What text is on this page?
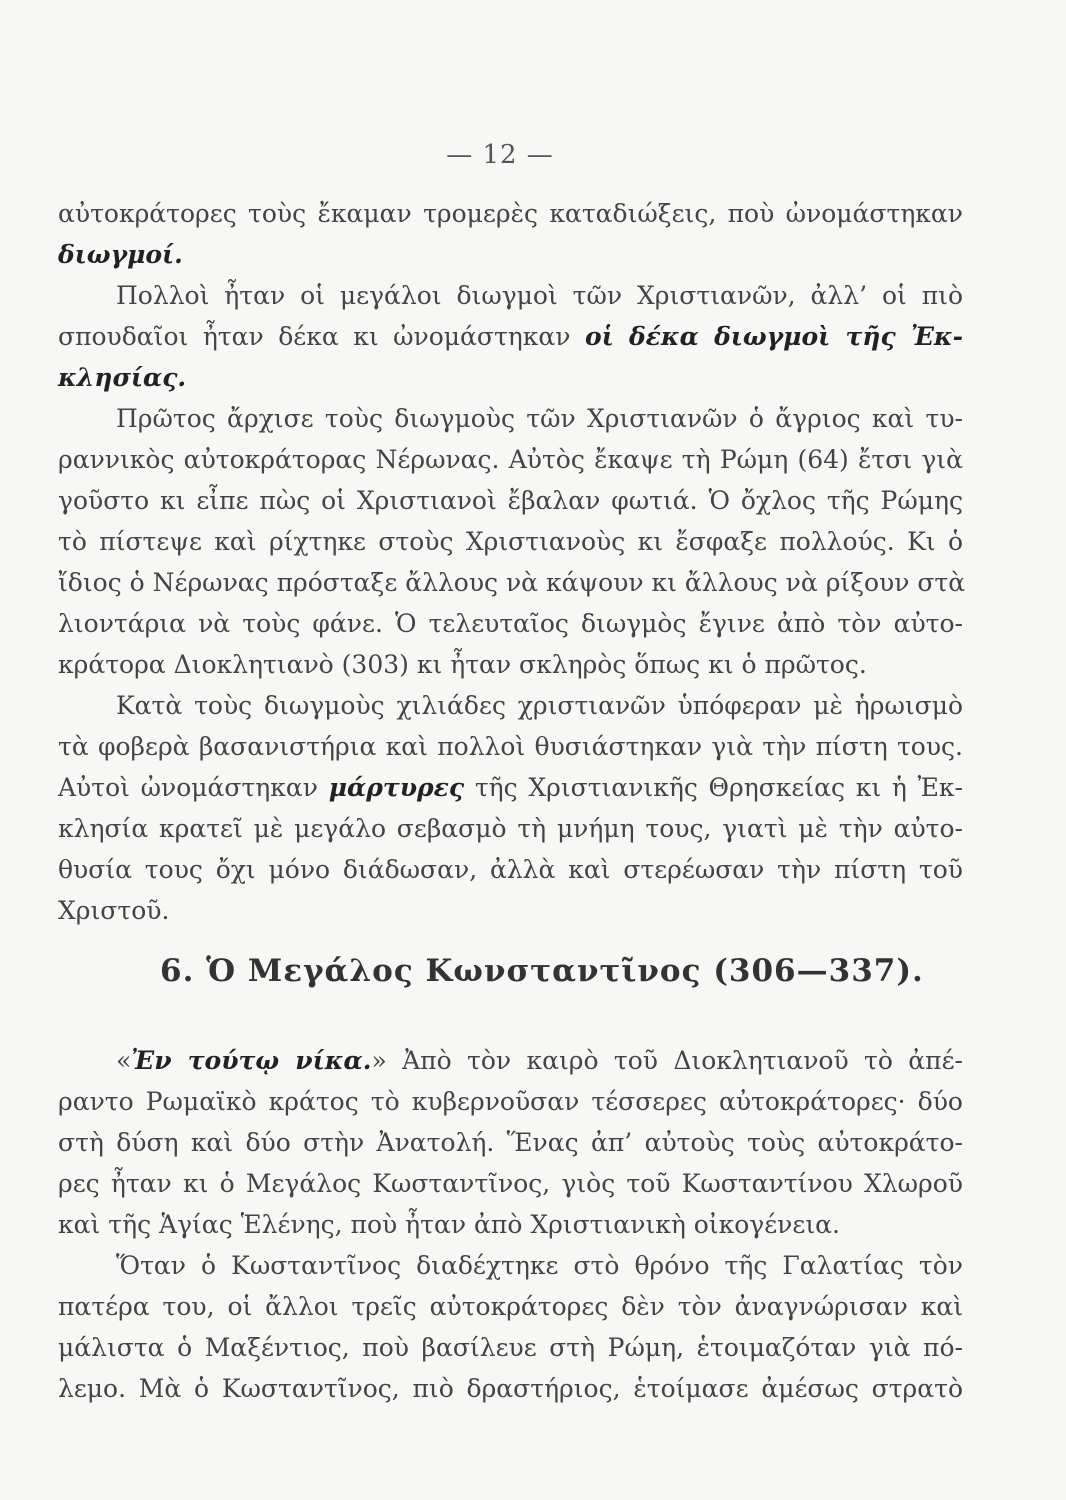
— 12 —
αὐτοκράτορες τοὺς ἔκαμαν τρομερὲς καταδιώξεις, ποὺ ὠνομάστηκαν
διωγμοί.
Πολλοὶ ἦταν οἱ μεγάλοι διωγμοὶ τῶν Χριστιανῶν, ἀλλ’ οἱ πιὸ
σπουδαῖοι ἦταν δέκα κι ὠνομάστηκαν οἱ δέκα διωγμοὶ τῆς Ἐκ-
κλησίας.
Πρῶτος ἄρχισε τοὺς διωγμοὺς τῶν Χριστιανῶν ὁ ἄγριος καὶ τυ-
ραννικὸς αὐτοκράτορας Νέρωνας. Αὐτὸς ἔκαψε τὴ Ρώμη (64) ἔτσι γιὰ
γοῦστο κι εἶπε πὼς οἱ Χριστιανοὶ ἔβαλαν φωτιά. Ὁ ὄχλος τῆς Ρώμης
τὸ πίστεψε καὶ ρίχτηκε στοὺς Χριστιανοὺς κι ἔσφαξε πολλούς. Κι ὁ
ἴδιος ὁ Νέρωνας πρόσταξε ἄλλους νὰ κάψουν κι ἄλλους νὰ ρίξουν στὰ
λιοντάρια νὰ τοὺς φάνε. Ὁ τελευταῖος διωγμὸς ἔγινε ἀπὸ τὸν αὐτο-
κράτορα Διοκλητιανὸ (303) κι ἦταν σκληρὸς ὅπως κι ὁ πρῶτος.
Κατὰ τοὺς διωγμοὺς χιλιάδες χριστιανῶν ὑπόφεραν μὲ ἡρωισμὸ
τὰ φοβερὰ βασανιστήρια καὶ πολλοὶ θυσιάστηκαν γιὰ τὴν πίστη τους.
Αὐτοὶ ὠνομάστηκαν μάρτυρες τῆς Χριστιανικῆς Θρησκείας κι ἡ Ἐκ-
κλησία κρατεῖ μὲ μεγάλο σεβασμὸ τὴ μνήμη τους, γιατὶ μὲ τὴν αὐτο-
θυσία τους ὄχι μόνο διάδωσαν, ἀλλὰ καὶ στερέωσαν τὴν πίστη τοῦ
Χριστοῦ.
6. Ὁ Μεγάλος Κωνσταντῖνος (306—337).
«Ἐν τούτῳ νίκα.» Ἀπὸ τὸν καιρὸ τοῦ Διοκλητιανοῦ τὸ ἀπέ-
ραντο Ρωμαϊκὸ κράτος τὸ κυβερνοῦσαν τέσσερες αὐτοκράτορες· δύο
στὴ δύση καὶ δύο στὴν Ἀνατολή. Ἕνας ἀπ’ αὐτοὺς τοὺς αὐτοκράτο-
ρες ἦταν κι ὁ Μεγάλος Κωσταντῖνος, γιὸς τοῦ Κωσταντίνου Χλωροῦ
καὶ τῆς Ἁγίας Ἑλένης, ποὺ ἦταν ἀπὸ Χριστιανικὴ οἰκογένεια.
Ὅταν ὁ Κωσταντῖνος διαδέχτηκε στὸ θρόνο τῆς Γαλατίας τὸν
πατέρα του, οἱ ἄλλοι τρεῖς αὐτοκράτορες δὲν τὸν ἀναγνώρισαν καὶ
μάλιστα ὁ Μαξέντιος, ποὺ βασίλευε στὴ Ρώμη, ἑτοιμαζόταν γιὰ πό-
λεμο. Μὰ ὁ Κωσταντῖνος, πιὸ δραστήριος, ἑτοίμασε ἀμέσως στρατὸ
